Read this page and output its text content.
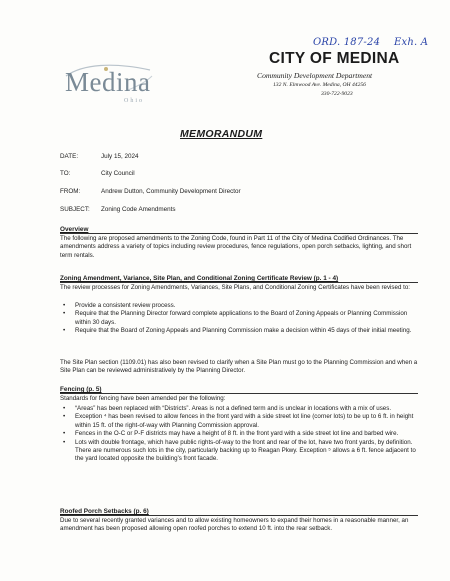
ORD. 187-24 Exh. A
Medina
Ohio
CITY OF MEDINA
Community Development Department
132 N. Elmwood Ave. Medina, OH 44256
330-722-9023
MEMORANDUM
DATE:	July 15, 2024
TO:	City Council
FROM:	Andrew Dutton, Community Development Director
SUBJECT: Zoning Code Amendments
Overview
The following are proposed amendments to the Zoning Code, found in Part 11 of the City of Medina Codified Ordinances. The amendments address a variety of topics including review procedures, fence regulations, open porch setbacks, lighting, and short term rentals.
Zoning Amendment, Variance, Site Plan, and Conditional Zoning Certificate Review (p. 1 - 4)
The review processes for Zoning Amendments, Variances, Site Plans, and Conditional Zoning Certificates have been revised to:
• Provide a consistent review process.
• Require that the Planning Director forward complete applications to the Board of Zoning Appeals or Planning Commission within 30 days.
• Require that the Board of Zoning Appeals and Planning Commission make a decision within 45 days of their initial meeting.
The Site Plan section (1109.01) has also been revised to clarify when a Site Plan must go to the Planning Commission and when a Site Plan can be reviewed administratively by the Planning Director.
Fencing (p. 5)
Standards for fencing have been amended per the following:
• “Areas” has been replaced with “Districts”. Areas is not a defined term and is unclear in locations with a mix of uses.
• Exception ⁴ has been revised to allow fences in the front yard with a side street lot line (corner lots) to be up to 6 ft. in height within 15 ft. of the right-of-way with Planning Commission approval.
• Fences in the O-C or P-F districts may have a height of 8 ft. in the front yard with a side street lot line and barbed wire.
• Lots with double frontage, which have public rights-of-way to the front and rear of the lot, have two front yards, by definition. There are numerous such lots in the city, particularly backing up to Reagan Pkwy. Exception ⁵ allows a 6 ft. fence adjacent to the yard located opposite the building’s front facade.
Roofed Porch Setbacks (p. 6)
Due to several recently granted variances and to allow existing homeowners to expand their homes in a reasonable manner, an amendment has been proposed allowing open roofed porches to extend 10 ft. into the rear setback.
